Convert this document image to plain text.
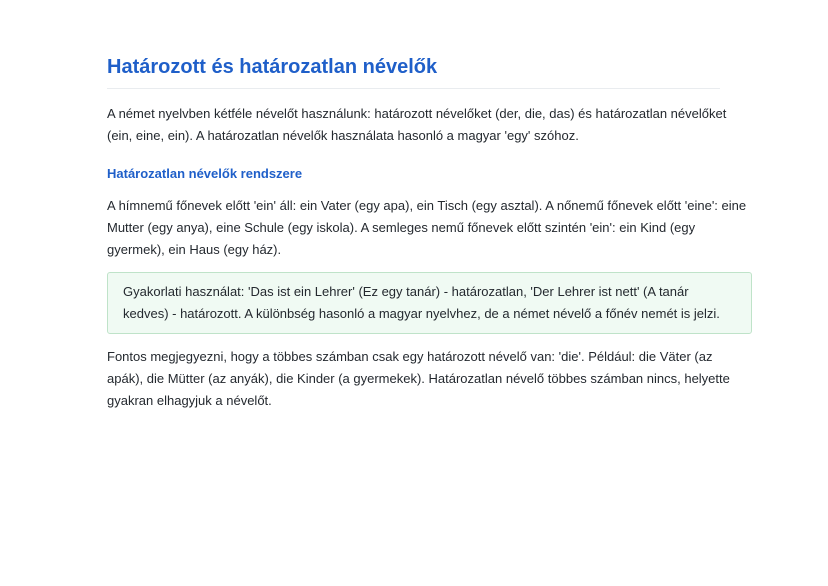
Határozott és határozatlan névelők

A német nyelvben kétféle névelőt használunk: határozott névelőket (der, die, das) és határozatlan névelőket (ein, eine, ein). A határozatlan névelők használata hasonló a magyar 'egy' szóhoz.

Határozatlan névelők rendszere

A hímnemű főnevek előtt 'ein' áll: ein Vater (egy apa), ein Tisch (egy asztal). A nőnemű főnevek előtt 'eine': eine Mutter (egy anya), eine Schule (egy iskola). A semleges nemű főnevek előtt szintén 'ein': ein Kind (egy gyermek), ein Haus (egy ház).

Gyakorlati használat: 'Das ist ein Lehrer' (Ez egy tanár) - határozatlan, 'Der Lehrer ist nett' (A tanár kedves) - határozott. A különbség hasonló a magyar nyelvhez, de a német névelő a főnév nemét is jelzi.

Fontos megjegyezni, hogy a többes számban csak egy határozott névelő van: 'die'. Például: die Väter (az apák), die Mütter (az anyák), die Kinder (a gyermekek). Határozatlan névelő többes számban nincs, helyette gyakran elhagyjuk a névelőt.
